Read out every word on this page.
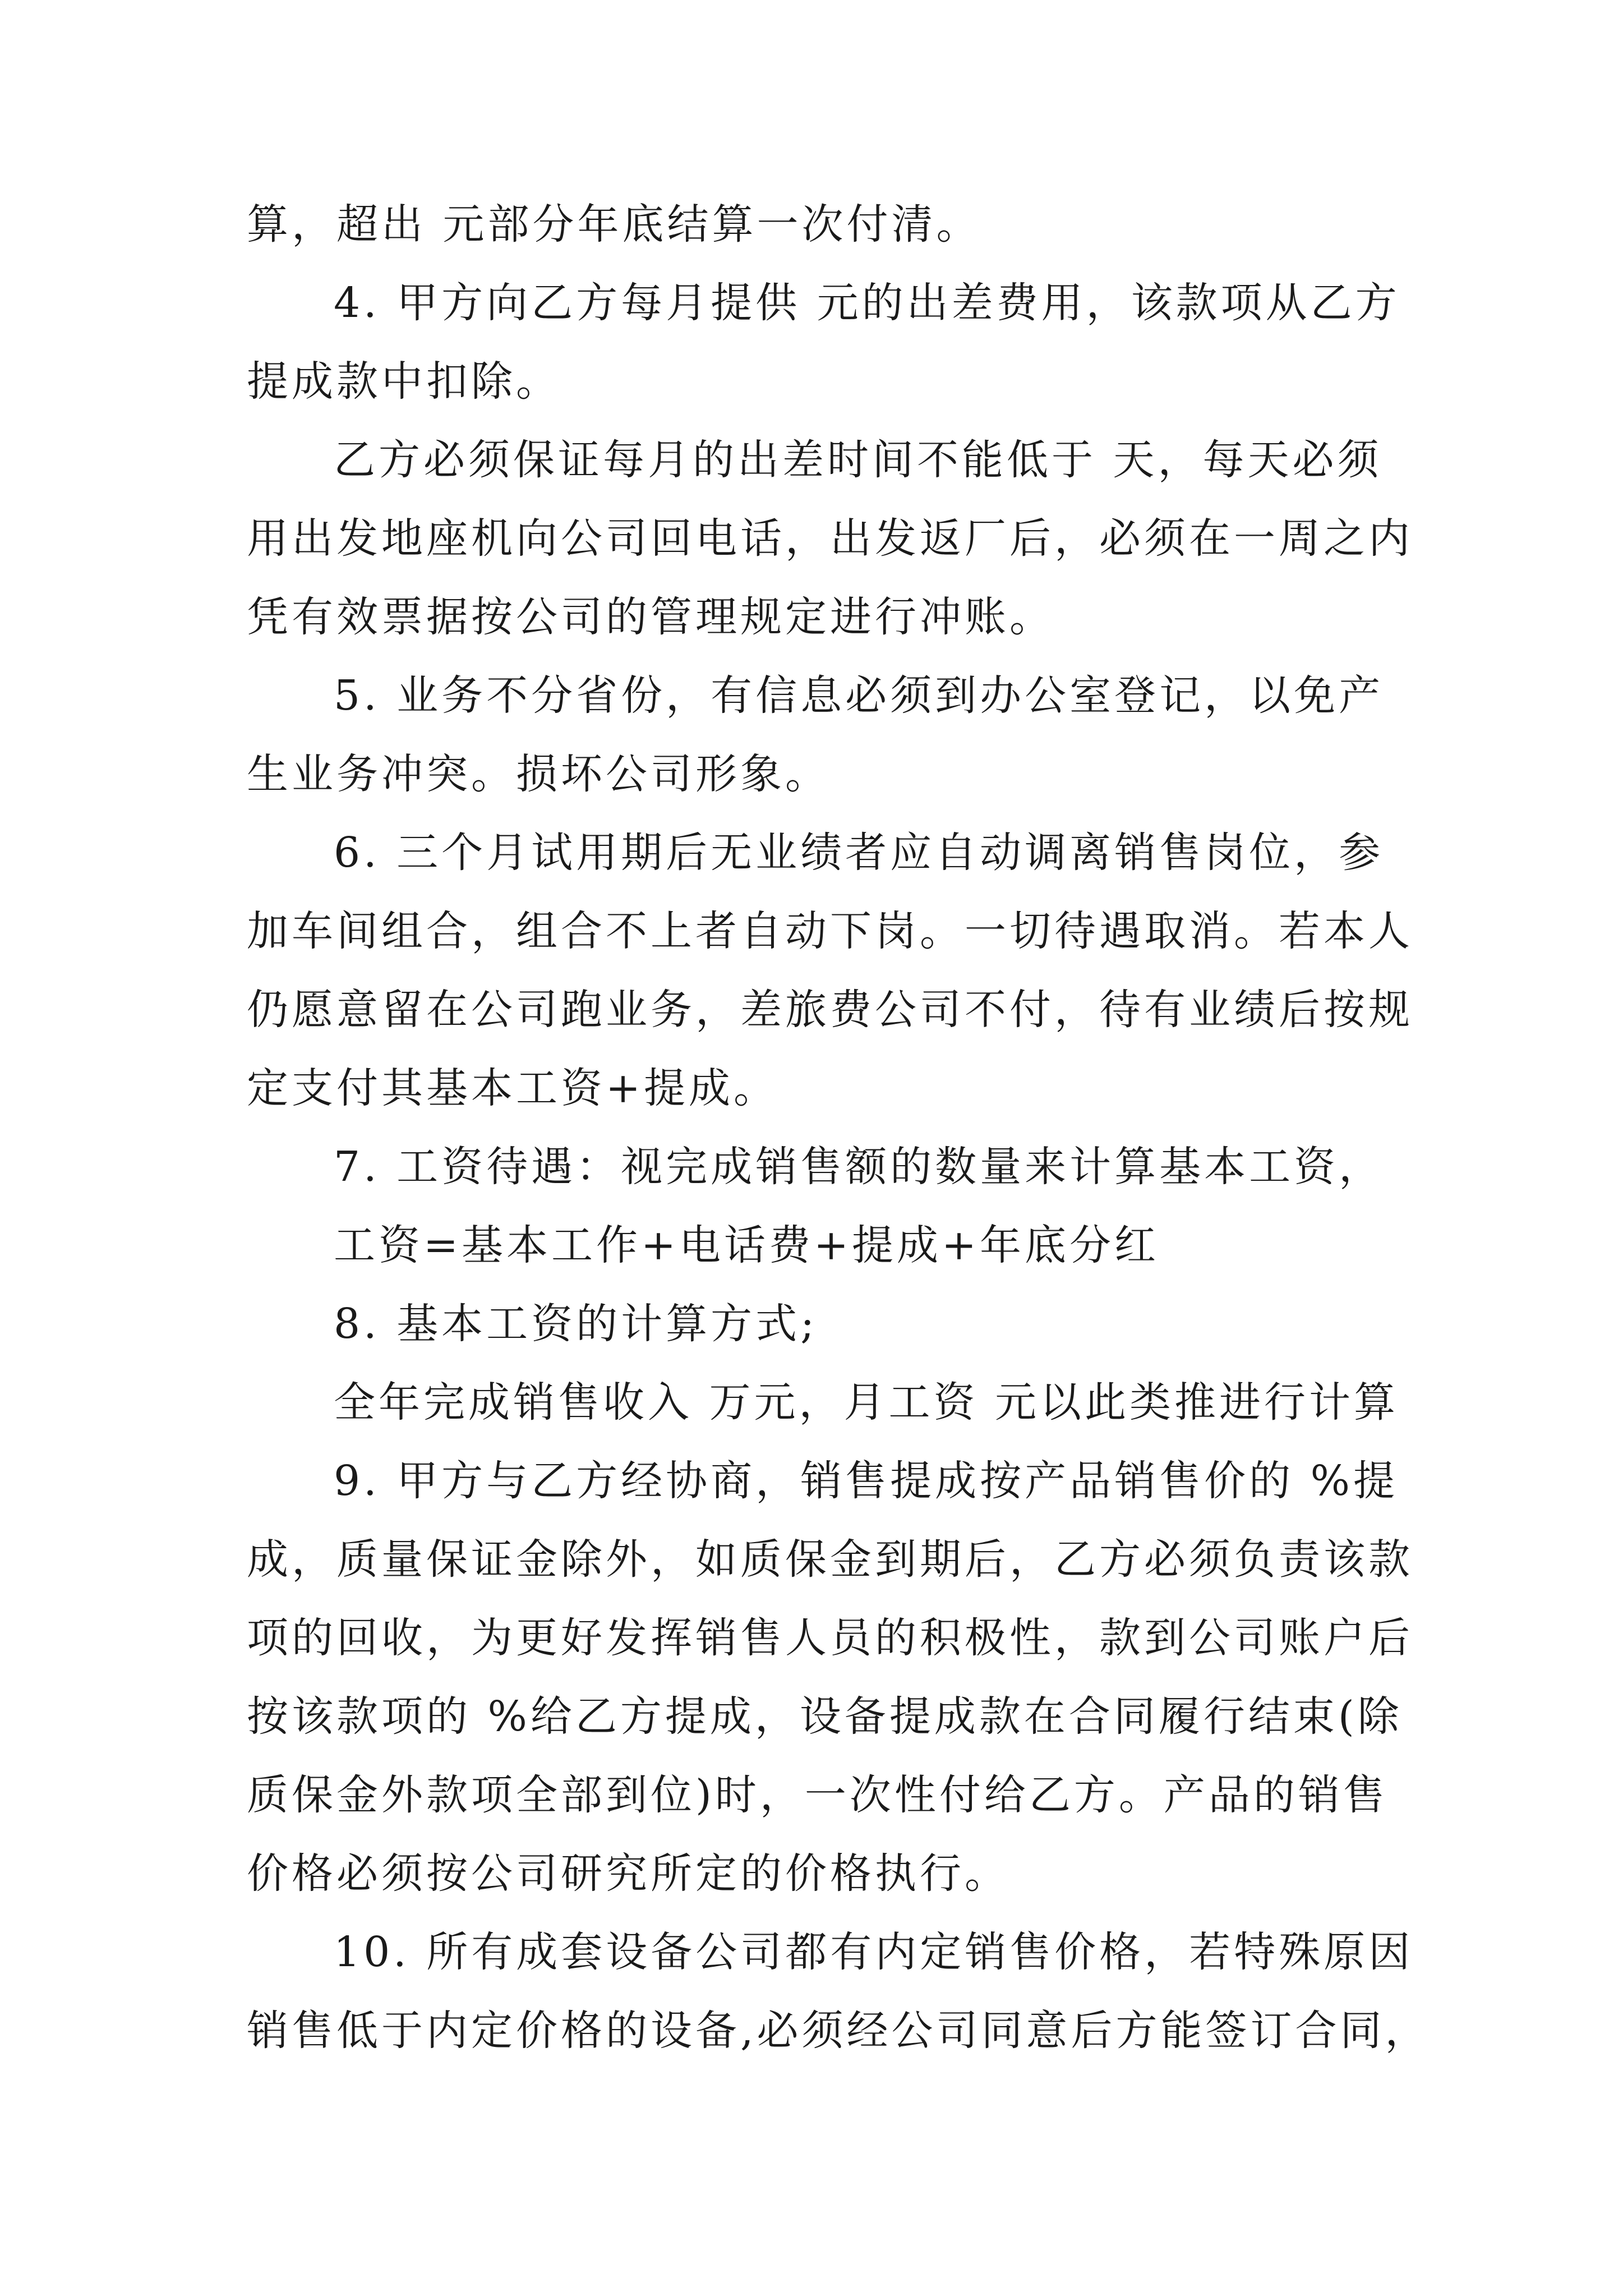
算，超出 元部分年底结算一次付清。
4. 甲方向乙方每月提供 元的出差费用，该款项从乙方
提成款中扣除。
乙方必须保证每月的出差时间不能低于 天，每天必须
用出发地座机向公司回电话，出发返厂后，必须在一周之内
凭有效票据按公司的管理规定进行冲账。
5. 业务不分省份，有信息必须到办公室登记，以免产
生业务冲突。损坏公司形象。
6. 三个月试用期后无业绩者应自动调离销售岗位，参
加车间组合，组合不上者自动下岗。一切待遇取消。若本人
仍愿意留在公司跑业务，差旅费公司不付，待有业绩后按规
定支付其基本工资+提成。
7. 工资待遇：视完成销售额的数量来计算基本工资，
工资=基本工作+电话费+提成+年底分红
8. 基本工资的计算方式;
全年完成销售收入 万元，月工资 元以此类推进行计算
9. 甲方与乙方经协商，销售提成按产品销售价的 %提
成，质量保证金除外，如质保金到期后，乙方必须负责该款
项的回收，为更好发挥销售人员的积极性，款到公司账户后
按该款项的 %给乙方提成，设备提成款在合同履行结束(除
质保金外款项全部到位)时，一次性付给乙方。产品的销售
价格必须按公司研究所定的价格执行。
10. 所有成套设备公司都有内定销售价格，若特殊原因
销售低于内定价格的设备,必须经公司同意后方能签订合同，
